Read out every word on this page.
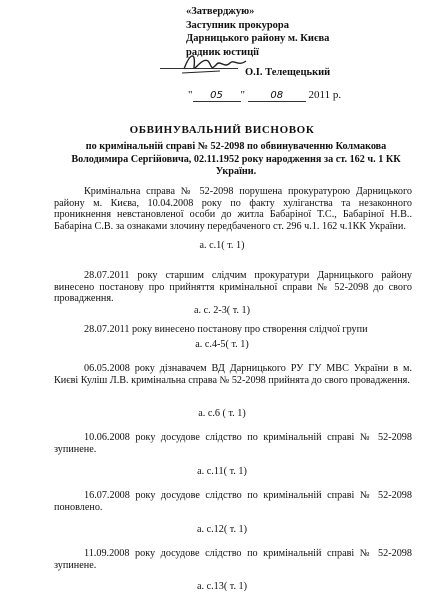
«Затверджую»
Заступник прокурора
Дарницького району м. Києва
радник юстиції
О.І. Телещецький
" 05 "	08 2011 р.
ОБВИНУВАЛЬНИЙ ВИСНОВОК
по кримінальній справі № 52-2098 по обвинуваченню Колмакова Володимира Сергійовича, 02.11.1952 року народження за ст. 162 ч. 1 КК України.
Кримінальна справа № 52-2098 порушена прокуратурою Дарницького району м. Києва, 10.04.2008 року по факту хуліганства та незаконного проникнення невстановленої особи до житла Бабаріної Т.С., Бабаріної Н.В.. Бабаріна С.В. за ознаками злочину передбаченого ст. 296 ч.1. 162 ч.1КК України.
а. с.1( т. 1)
28.07.2011 року старшим слідчим прокуратури Дарницького району винесено постанову про прийняття кримінальної справи № 52-2098 до свого провадження.
а. с. 2-3( т. 1)
28.07.2011 року винесено постанову про створення слідчої групи
а. с.4-5( т. 1)
06.05.2008 року дізнавачем ВД Дарницького РУ ГУ МВС України в м. Києві Куліш Л.В. кримінальна справа № 52-2098 прийнята до свого провадження.
а. с.6 ( т. 1)
10.06.2008 року досудове слідство по кримінальній справі № 52-2098 зупинене.
а. с.11( т. 1)
16.07.2008 року досудове слідство по кримінальній справі № 52-2098 поновлено.
а. с.12( т. 1)
11.09.2008 року досудове слідство по кримінальній справі № 52-2098 зупинене.
а. с.13( т. 1)
